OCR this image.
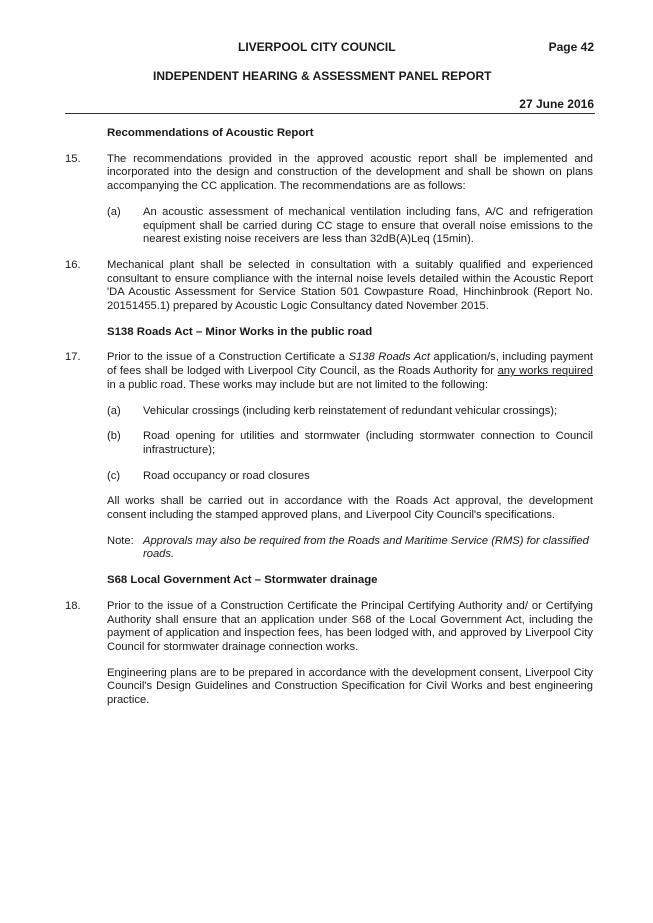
LIVERPOOL CITY COUNCIL	Page 42
INDEPENDENT HEARING & ASSESSMENT PANEL REPORT
27 June 2016
Recommendations of Acoustic Report
15.	The recommendations provided in the approved acoustic report shall be implemented and incorporated into the design and construction of the development and shall be shown on plans accompanying the CC application. The recommendations are as follows:
(a)	An acoustic assessment of mechanical ventilation including fans, A/C and refrigeration equipment shall be carried during CC stage to ensure that overall noise emissions to the nearest existing noise receivers are less than 32dB(A)Leq (15min).
16.	Mechanical plant shall be selected in consultation with a suitably qualified and experienced consultant to ensure compliance with the internal noise levels detailed within the Acoustic Report 'DA Acoustic Assessment for Service Station 501 Cowpasture Road, Hinchinbrook (Report No. 20151455.1) prepared by Acoustic Logic Consultancy dated November 2015.
S138 Roads Act – Minor Works in the public road
17.	Prior to the issue of a Construction Certificate a S138 Roads Act application/s, including payment of fees shall be lodged with Liverpool City Council, as the Roads Authority for any works required in a public road. These works may include but are not limited to the following:
(a)	Vehicular crossings (including kerb reinstatement of redundant vehicular crossings);
(b)	Road opening for utilities and stormwater (including stormwater connection to Council infrastructure);
(c)	Road occupancy or road closures
All works shall be carried out in accordance with the Roads Act approval, the development consent including the stamped approved plans, and Liverpool City Council's specifications.
Note: Approvals may also be required from the Roads and Maritime Service (RMS) for classified roads.
S68 Local Government Act – Stormwater drainage
18.	Prior to the issue of a Construction Certificate the Principal Certifying Authority and/ or Certifying Authority shall ensure that an application under S68 of the Local Government Act, including the payment of application and inspection fees, has been lodged with, and approved by Liverpool City Council for stormwater drainage connection works.
Engineering plans are to be prepared in accordance with the development consent, Liverpool City Council's Design Guidelines and Construction Specification for Civil Works and best engineering practice.
